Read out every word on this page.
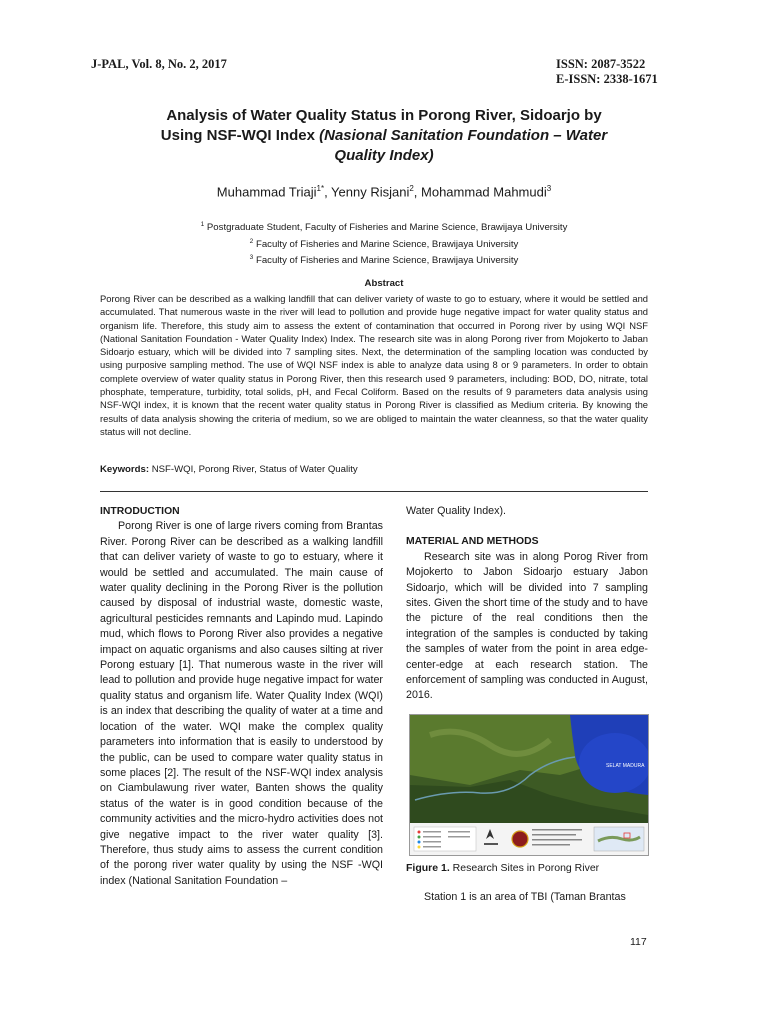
J-PAL, Vol. 8, No. 2, 2017	ISSN: 2087-3522
E-ISSN: 2338-1671
Analysis of Water Quality Status in Porong River, Sidoarjo by
Using NSF-WQI Index (Nasional Sanitation Foundation – Water
Quality Index)
Muhammad Triaji$^{1*}$, Yenny Risjani$^2$, Mohammad Mahmudi$^3$
$^1$ Postgraduate Student, Faculty of Fisheries and Marine Science, Brawijaya University
$^2$ Faculty of Fisheries and Marine Science, Brawijaya University
$^3$ Faculty of Fisheries and Marine Science, Brawijaya University
Abstract
Porong River can be described as a walking landfill that can deliver variety of waste to go to estuary, where it would be settled and accumulated. That numerous waste in the river will lead to pollution and provide huge negative impact for water quality status and organism life. Therefore, this study aim to assess the extent of contamination that occurred in Porong river by using WQI NSF (National Sanitation Foundation - Water Quality Index) Index. The research site was in along Porong river from Mojokerto to Jaban Sidoarjo estuary, which will be divided into 7 sampling sites. Next, the determination of the sampling location was conducted by using purposive sampling method. The use of WQI NSF index is able to analyze data using 8 or 9 parameters. In order to obtain complete overview of water quality status in Porong River, then this research used 9 parameters, including: BOD, DO, nitrate, total phosphate, temperature, turbidity, total solids, pH, and Fecal Coliform. Based on the results of 9 parameters data analysis using NSF-WQI index, it is known that the recent water quality status in Porong River is classified as Medium criteria. By knowing the results of data analysis showing the criteria of medium, so we are obliged to maintain the water cleanness, so that the water quality status will not decline.
Keywords: NSF-WQI, Porong River, Status of Water Quality
INTRODUCTION
Porong River is one of large rivers coming from Brantas River. Porong River can be described as a walking landfill that can deliver variety of waste to go to estuary, where it would be settled and accumulated. The main cause of water quality declining in the Porong River is the pollution caused by disposal of industrial waste, domestic waste, agricultural pesticides remnants and Lapindo mud. Lapindo mud, which flows to Porong River also provides a negative impact on aquatic organisms and also causes silting at river Porong estuary [1]. That numerous waste in the river will lead to pollution and provide huge negative impact for water quality status and organism life. Water Quality Index (WQI) is an index that describing the quality of water at a time and location of the water. WQI make the complex quality parameters into information that is easily to understood by the public, can be used to compare water quality status in some places [2]. The result of the NSF-WQI index analysis on Ciambulawung river water, Banten shows the quality status of the water is in good condition because of the community activities and the micro-hydro activities does not give negative impact to the river water quality [3]. Therefore, thus study aims to assess the current condition of the porong river water quality by using the NSF -WQI index (National Sanitation Foundation –
Water Quality Index).
MATERIAL AND METHODS
Research site was in along Porog River from Mojokerto to Jabon Sidoarjo estuary Jabon Sidoarjo, which will be divided into 7 sampling sites. Given the short time of the study and to have the picture of the real conditions then the integration of the samples is conducted by taking the samples of water from the point in area edge-center-edge at each research station. The enforcement of sampling was conducted in August, 2016.
SELAT MADURA
Figure 1. Research Sites in Porong River
Station 1 is an area of TBI (Taman Brantas
117
